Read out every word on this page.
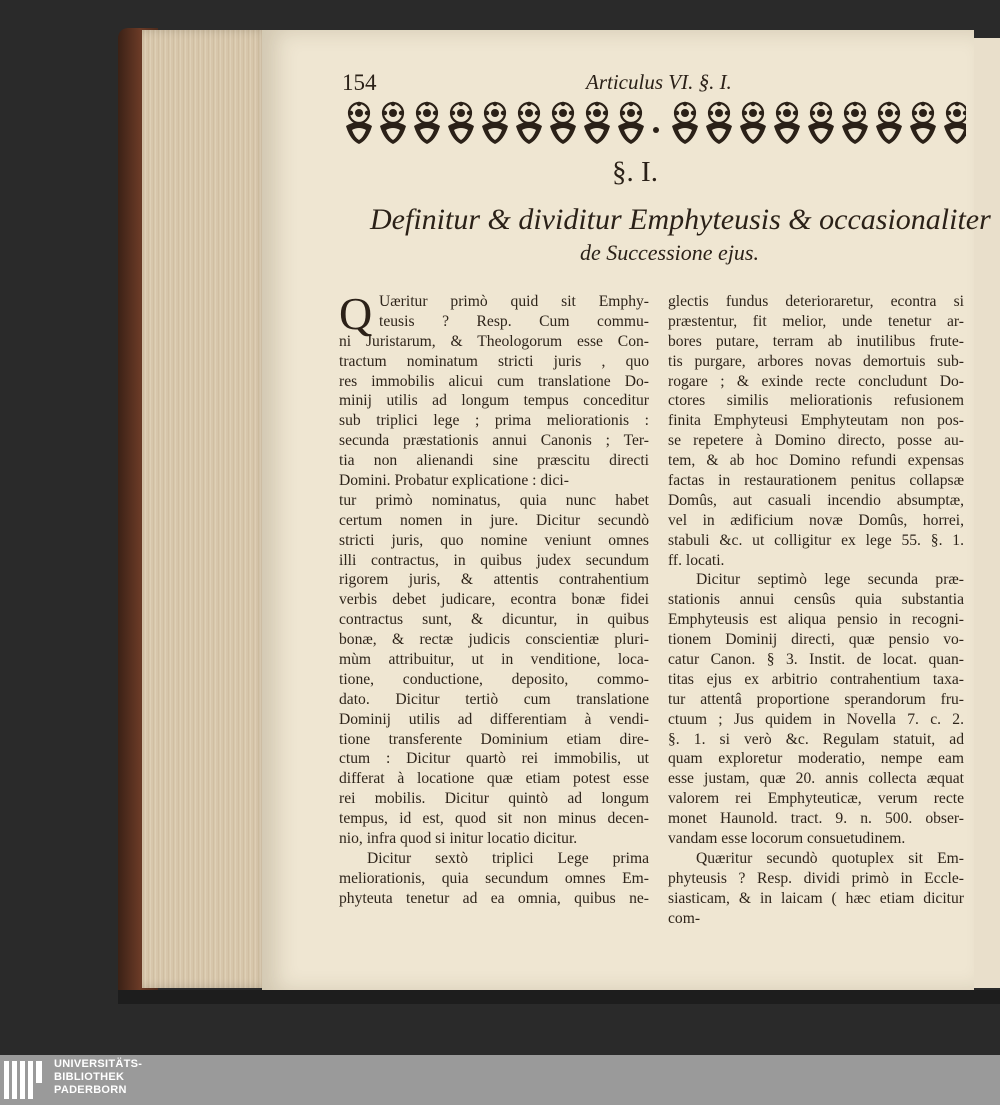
154	Articulus VI. §. I.
§. I.
Definitur & dividitur Emphyteusis & occasionaliter
de Successione ejus.
Q Uæritur primò quid sit Emphy-
teusis ? Resp. Cum commu-
ni Juristarum, & Theologorum esse Con-
tractum nominatum stricti juris , quo
res immobilis alicui cum translatione Do-
minij utilis ad longum tempus conceditur
sub triplici lege ; prima meliorationis :
secunda præstationis annui Canonis ; Ter-
tia non alienandi sine præscitu directi
Domini. Probatur explicatione : dici-
tur primò nominatus, quia nunc habet
certum nomen in jure. Dicitur secundò
stricti juris, quo nomine veniunt omnes
illi contractus, in quibus judex secundum
rigorem juris, & attentis contrahentium
verbis debet judicare, econtra bonæ fidei
contractus sunt, & dicuntur, in quibus
bonæ, & rectæ judicis conscientiæ pluri-
mùm attribuitur, ut in venditione, loca-
tione, conductione, deposito, commo-
dato. Dicitur tertiò cum translatione
Dominij utilis ad differentiam à vendi-
tione transferente Dominium etiam dire-
ctum : Dicitur quartò rei immobilis, ut
differat à locatione quæ etiam potest esse
rei mobilis. Dicitur quintò ad longum
tempus, id est, quod sit non minus decen-
nio, infra quod si initur locatio dicitur.
Dicitur sextò triplici Lege prima
meliorationis, quia secundum omnes Em-
phyteuta tenetur ad ea omnia, quibus ne-
glectis fundus deterioraretur, econtra si
præstentur, fit melior, unde tenetur ar-
bores putare, terram ab inutilibus frute-
tis purgare, arbores novas demortuis sub-
rogare ; & exinde recte concludunt Do-
ctores similis meliorationis refusionem
finita Emphyteusi Emphyteutam non pos-
se repetere à Domino directo, posse au-
tem, & ab hoc Domino refundi expensas
factas in restaurationem penitus collapsæ
Domûs, aut casuali incendio absumptæ,
vel in ædificium novæ Domûs, horrei,
stabuli &c. ut colligitur ex lege 55. §. 1.
ff. locati.
Dicitur septimò lege secunda præ-
stationis annui censûs quia substantia
Emphyteusis est aliqua pensio in recogni-
tionem Dominij directi, quæ pensio vo-
catur Canon. § 3. Instit. de locat. quan-
titas ejus ex arbitrio contrahentium taxa-
tur attentâ proportione sperandorum fru-
ctuum ; Jus quidem in Novella 7. c. 2.
§. 1. si verò &c. Regulam statuit, ad
quam exploretur moderatio, nempe eam
esse justam, quæ 20. annis collecta æquat
valorem rei Emphyteuticæ, verum recte
monet Haunold. tract. 9. n. 500. obser-
vandam esse locorum consuetudinem.
Quæritur secundò quotuplex sit Em-
phyteusis ? Resp. dividi primò in Eccle-
siasticam, & in laicam ( hæc etiam dicitur
com-
UNIVERSITÄTS-
BIBLIOTHEK
PADERBORN
